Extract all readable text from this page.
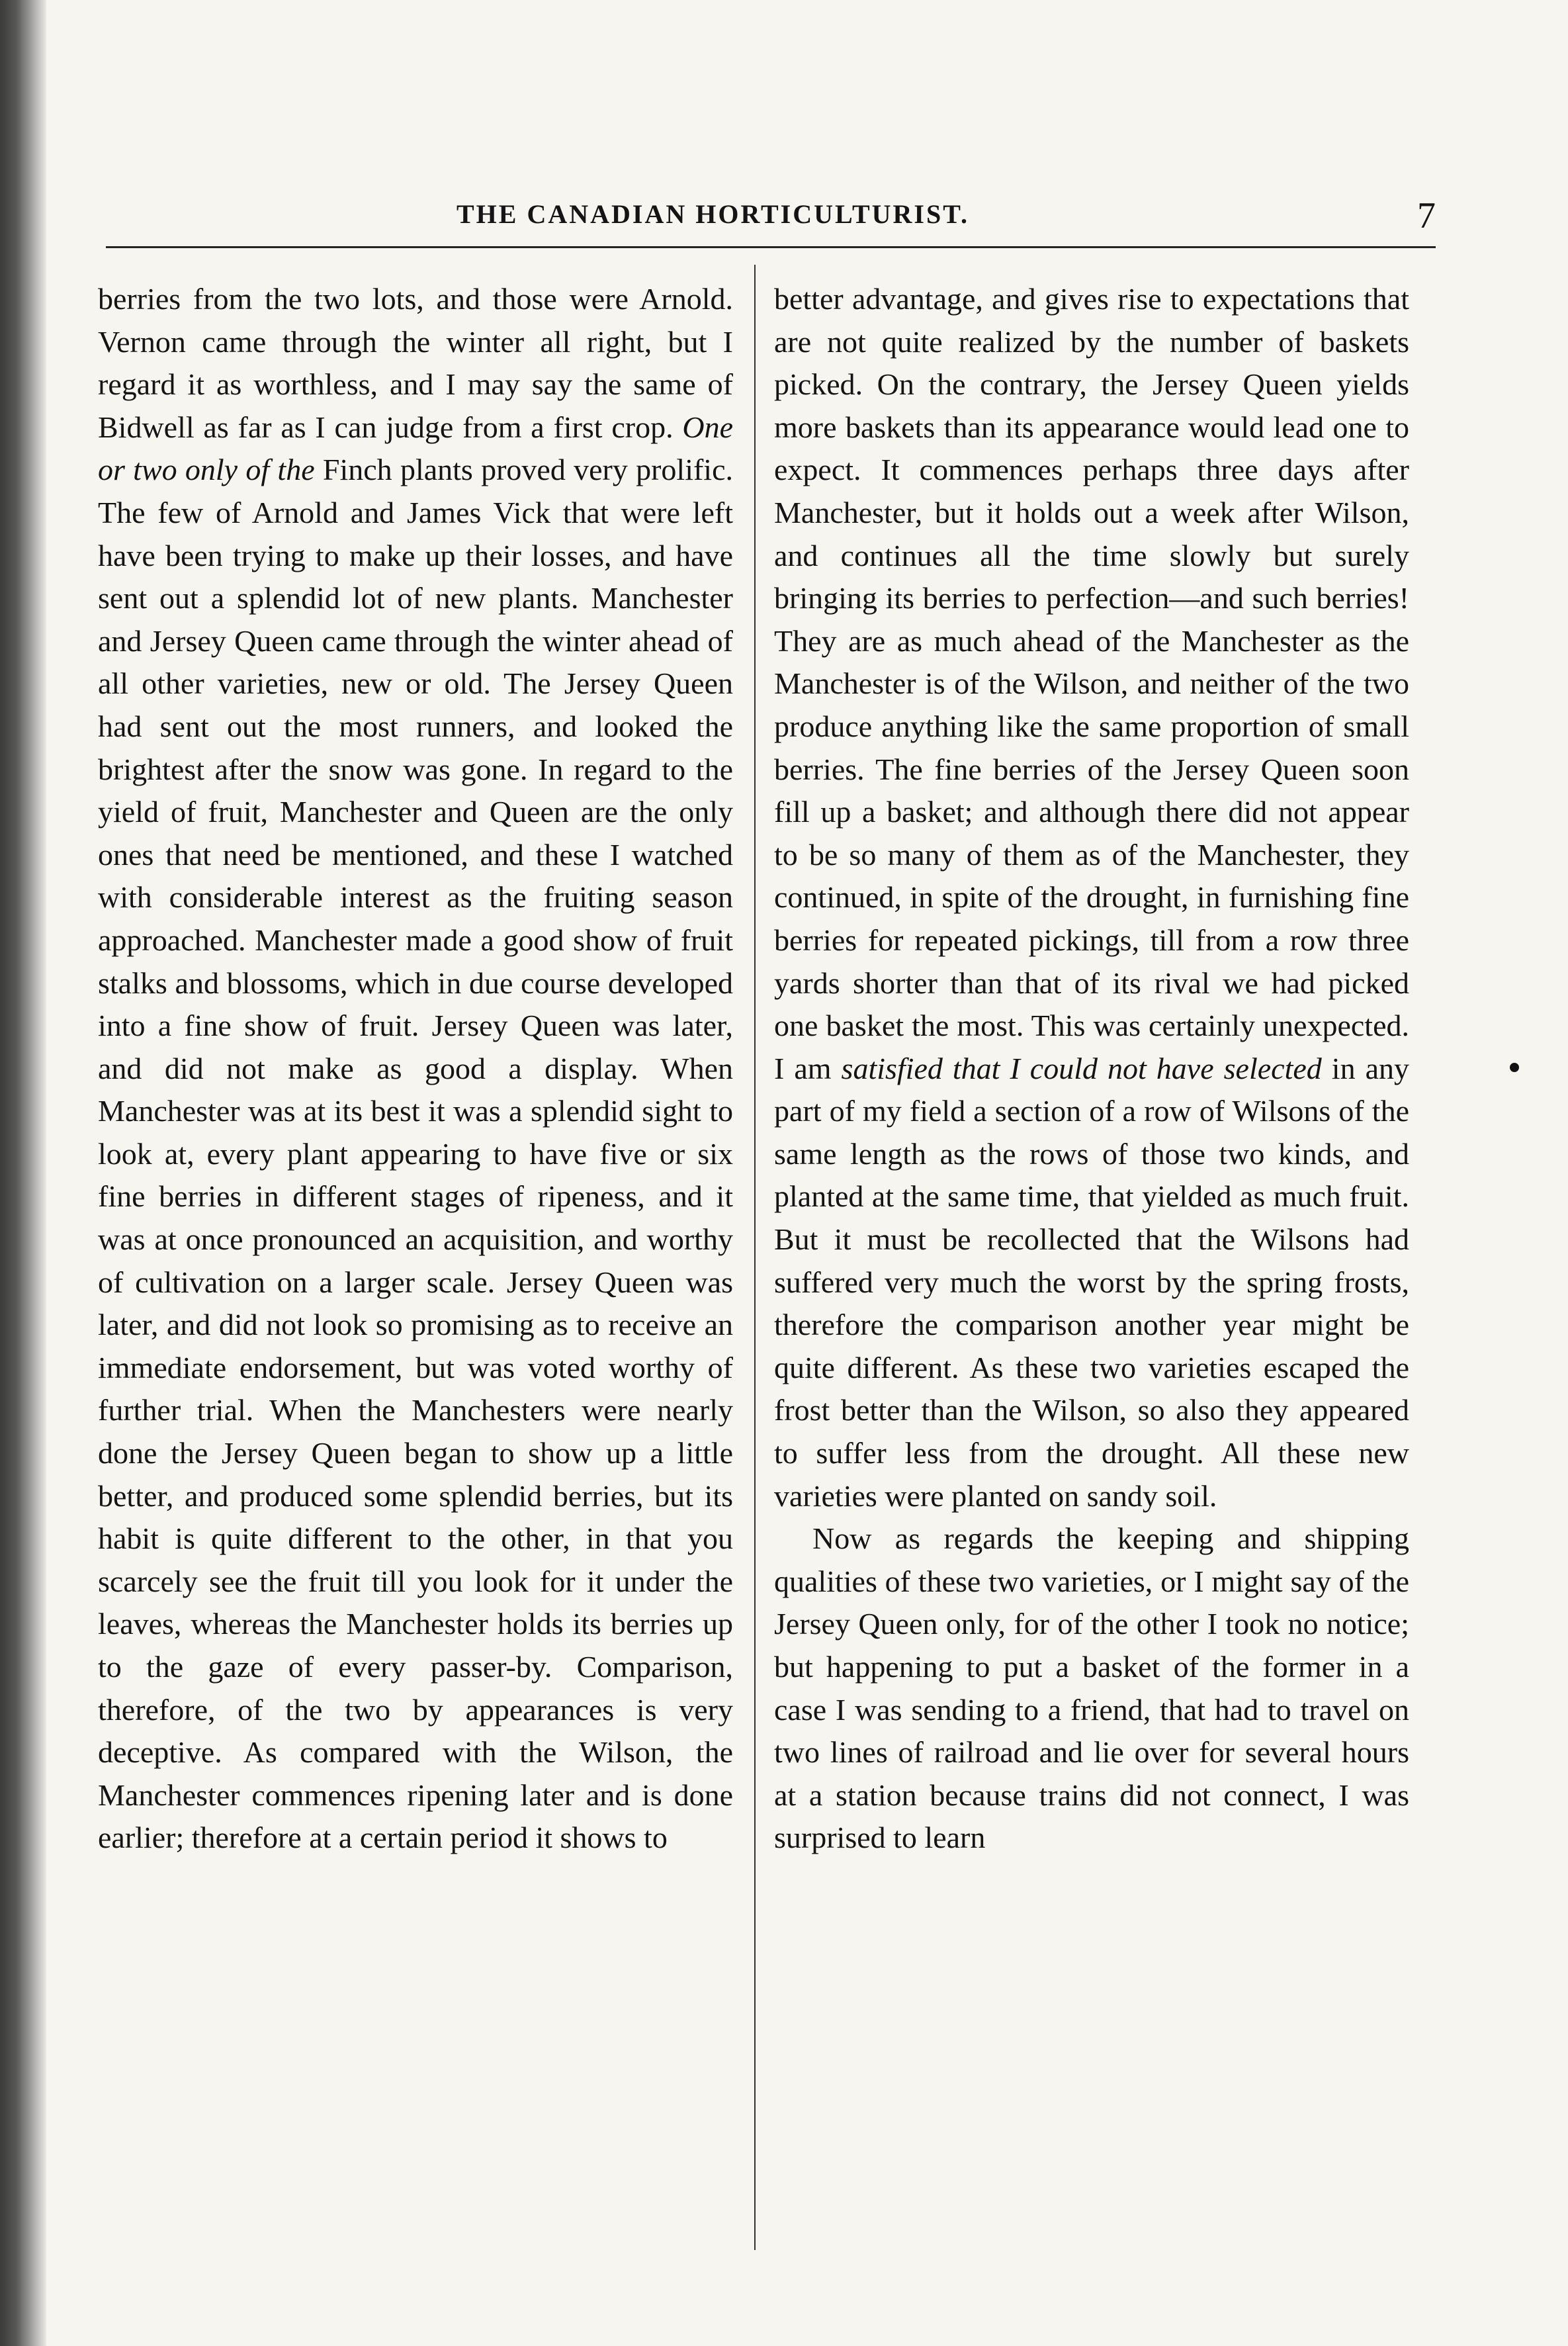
THE CANADIAN HORTICULTURIST.	7

berries from the two lots, and those were Arnold. Vernon came through the winter all right, but I regard it as worthless, and I may say the same of Bidwell as far as I can judge from a first crop. One or two only of the Finch plants proved very prolific. The few of Arnold and James Vick that were left have been trying to make up their losses, and have sent out a splendid lot of new plants. Manchester and Jersey Queen came through the winter ahead of all other varieties, new or old. The Jersey Queen had sent out the most runners, and looked the brightest after the snow was gone. In regard to the yield of fruit, Manchester and Queen are the only ones that need be mentioned, and these I watched with considerable interest as the fruiting season approached. Manchester made a good show of fruit stalks and blossoms, which in due course developed into a fine show of fruit. Jersey Queen was later, and did not make as good a display. When Manchester was at its best it was a splendid sight to look at, every plant appearing to have five or six fine berries in different stages of ripeness, and it was at once pronounced an acquisition, and worthy of cultivation on a larger scale. Jersey Queen was later, and did not look so promising as to receive an immediate endorsement, but was voted worthy of further trial. When the Manchesters were nearly done the Jersey Queen began to show up a little better, and produced some splendid berries, but its habit is quite different to the other, in that you scarcely see the fruit till you look for it under the leaves, whereas the Manchester holds its berries up to the gaze of every passer-by. Comparison, therefore, of the two by appearances is very deceptive. As compared with the Wilson, the Manchester commences ripening later and is done earlier; therefore at a certain period it shows to

better advantage, and gives rise to expectations that are not quite realized by the number of baskets picked. On the contrary, the Jersey Queen yields more baskets than its appearance would lead one to expect. It commences perhaps three days after Manchester, but it holds out a week after Wilson, and continues all the time slowly but surely bringing its berries to perfection—and such berries! They are as much ahead of the Manchester as the Manchester is of the Wilson, and neither of the two produce anything like the same proportion of small berries. The fine berries of the Jersey Queen soon fill up a basket; and although there did not appear to be so many of them as of the Manchester, they continued, in spite of the drought, in furnishing fine berries for repeated pickings, till from a row three yards shorter than that of its rival we had picked one basket the most. This was certainly unexpected. I am satisfied that I could not have selected in any part of my field a section of a row of Wilsons of the same length as the rows of those two kinds, and planted at the same time, that yielded as much fruit. But it must be recollected that the Wilsons had suffered very much the worst by the spring frosts, therefore the comparison another year might be quite different. As these two varieties escaped the frost better than the Wilson, so also they appeared to suffer less from the drought. All these new varieties were planted on sandy soil.

Now as regards the keeping and shipping qualities of these two varieties, or I might say of the Jersey Queen only, for of the other I took no notice; but happening to put a basket of the former in a case I was sending to a friend, that had to travel on two lines of railroad and lie over for several hours at a station because trains did not connect, I was surprised to learn
